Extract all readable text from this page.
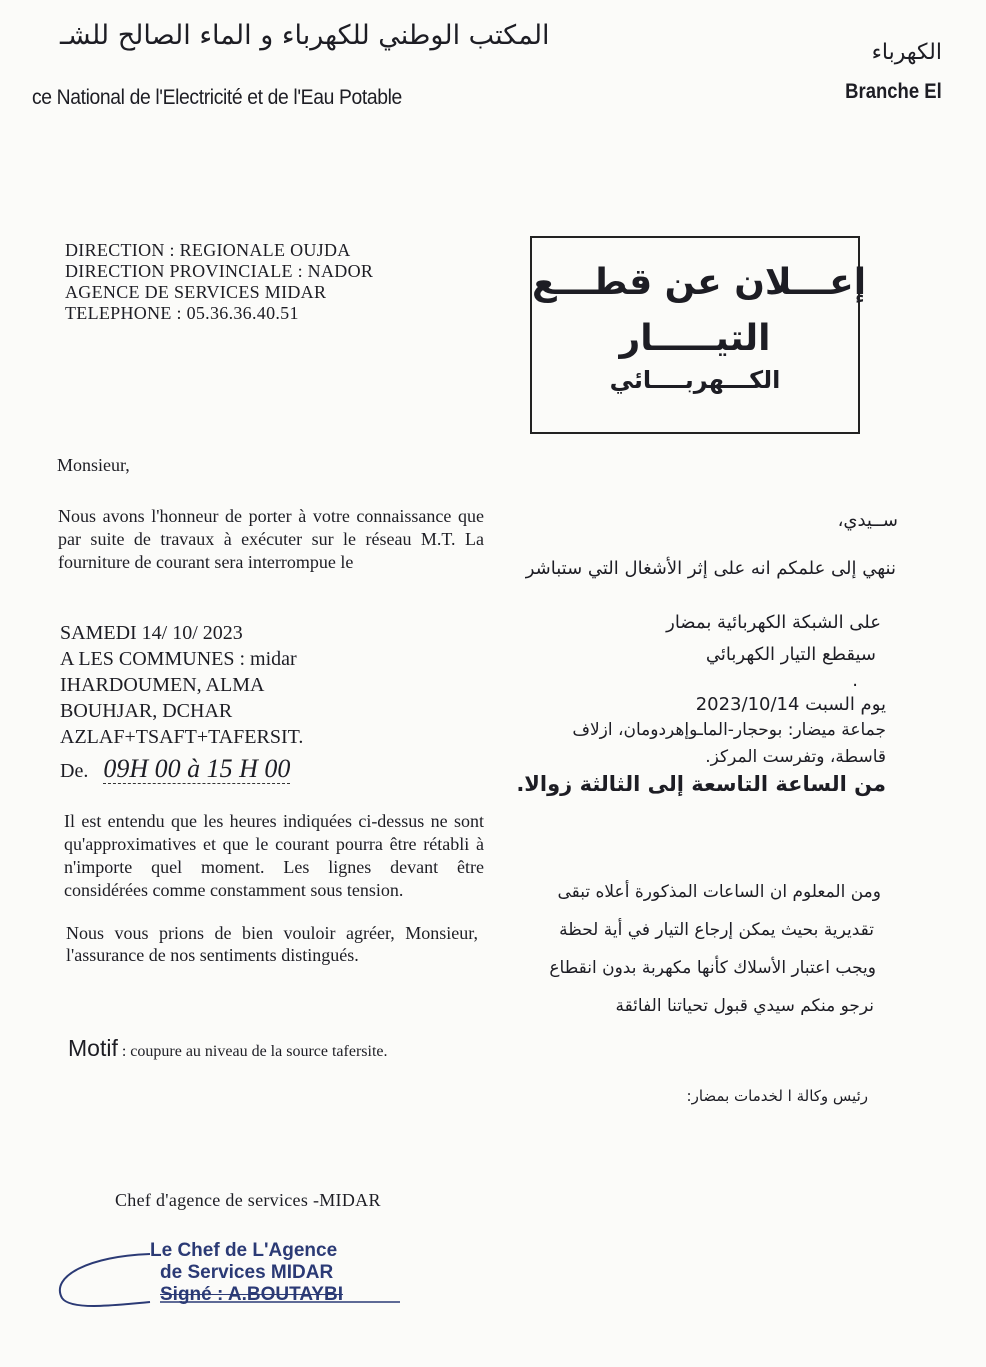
المكتب الوطني للكهرباء و الماء الصالح للشـ
ce National de l'Electricité et de l'Eau Potable
الكهرباء
Branche El
DIRECTION : REGIONALE OUJDA
DIRECTION PROVINCIALE : NADOR
AGENCE DE SERVICES MIDAR
TELEPHONE : 05.36.36.40.51
إعـــلان عن قطـــع
التيـــــار
الكـــهربــــائي
Monsieur,
Nous avons l'honneur de porter à votre connaissance que par suite de travaux à exécuter sur le réseau M.T. La fourniture de courant sera interrompue le
SAMEDI 14/ 10/ 2023
A LES COMMUNES : midar
IHARDOUMEN, ALMA
BOUHJAR, DCHAR
AZLAF+TSAFT+TAFERSIT.
De. 09H 00 à 15 H 00
Il est entendu que les heures indiquées ci-dessus ne sont qu'approximatives et que le courant pourra être rétabli à n'importe quel moment. Les lignes devant être considérées comme constamment sous tension.
Nous vous prions de bien vouloir agréer, Monsieur, l'assurance de nos sentiments distingués.
Motif : coupure au niveau de la source tafersite.
Chef d'agence de services -MIDAR
ســيدي،
ننهي إلى علمكم انه على إثر الأشغال التي ستباشر
على الشبكة الكهربائية بمضار
سيقطع التيار الكهربائي
.
يوم السبت 2023/10/14
جماعة ميضار: بوحجار-الماـوإهردومان، ازلاف
قاسطة، وتفرست المركز.
من الساعة التاسعة إلى الثالثة زوالا.
ومن المعلوم ان الساعات المذكورة أعلاه تبقى
تقديرية بحيث يمكن إرجاع التيار في أية لحظة
ويجب اعتبار الأسلاك كأنها مكهربة بدون انقطاع
نرجو منكم سيدي قبول تحياتنا الفائقة
رئيس وكالة ا لخدمات بمضار:
Le Chef de L'Agence
de Services MIDAR
Signé : A.BOUTAYBI
